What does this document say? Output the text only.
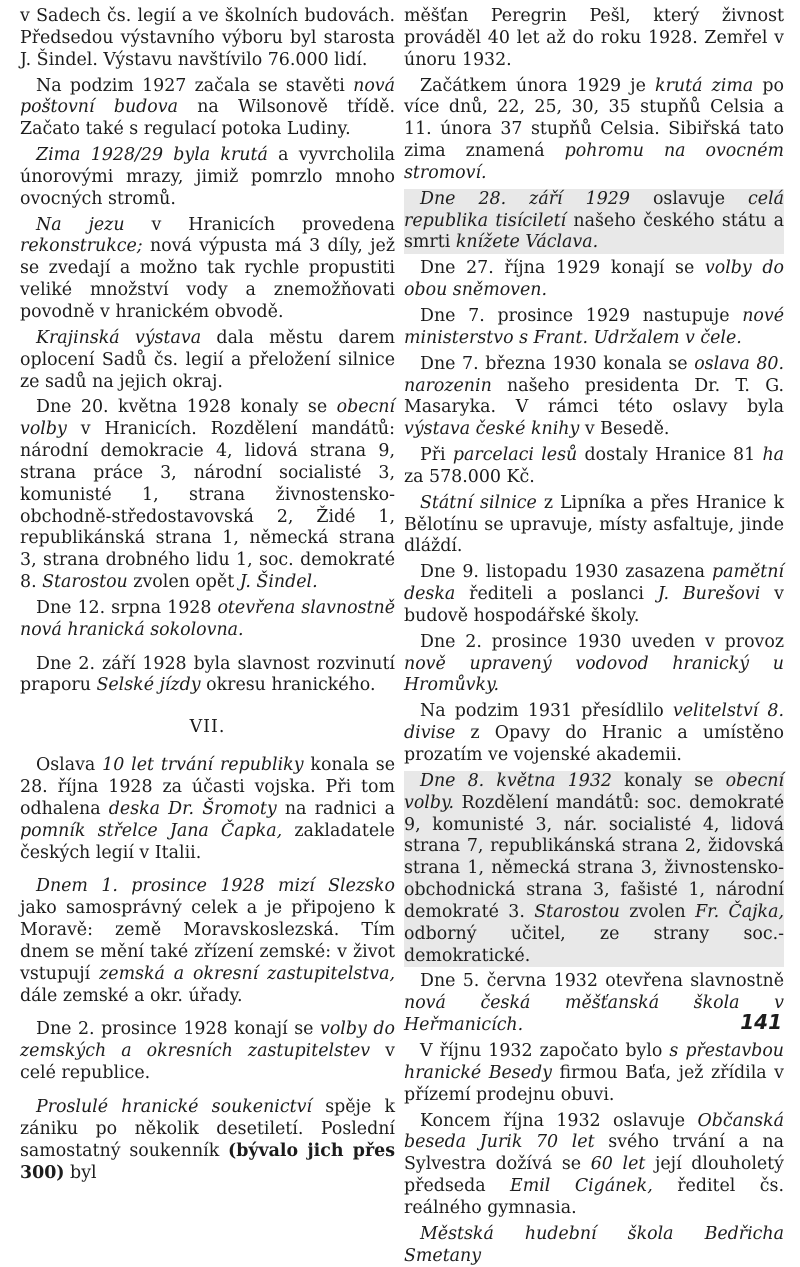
v Sadech čs. legií a ve školních budovách. Předsedou výstavního výboru byl starosta J. Šindel. Výstavu navštívilo 76.000 lidí.

Na podzim 1927 začala se stavěti nová poštovní budova na Wilsonově třídě. Začato také s regulací potoka Ludiny.

Zima 1928/29 byla krutá a vyvrcholila únorovými mrazy, jimiž pomrzlo mnoho ovocných stromů.

Na jezu v Hranicích provedena rekonstrukce; nová výpusta má 3 díly, jež se zvedají a možno tak rychle propustiti veliké množství vody a znemožňovati povodně v hranickém obvodě.

Krajinská výstava dala městu darem oplocení Sadů čs. legií a přeložení silnice ze sadů na jejich okraj.

Dne 20. května 1928 konaly se obecní volby v Hranicích. Rozdělení mandátů: národní demokracie 4, lidová strana 9, strana práce 3, národní socialisté 3, komunisté 1, strana živnostensko-obchodně-středostavovská 2, Židé 1, republikánská strana 1, německá strana 3, strana drobného lidu 1, soc. demokraté 8. Starostou zvolen opět J. Šindel.

Dne 12. srpna 1928 otevřena slavnostně nová hranická sokolovna.

Dne 2. září 1928 byla slavnost rozvinutí praporu Selské jízdy okresu hranického.

VII.

Oslava 10 let trvání republiky konala se 28. října 1928 za účasti vojska. Při tom odhalena deska Dr. Šromoty na radnici a pomník střelce Jana Čapka, zakladatele českých legií v Italii.

Dnem 1. prosince 1928 mizí Slezsko jako samosprávný celek a je připojeno k Moravě: země Moravskoslezská. Tím dnem se mění také zřízení zemské: v život vstupují zemská a okresní zastupitelstva, dále zemské a okr. úřady.

Dne 2. prosince 1928 konají se volby do zemských a okresních zastupitelstev v celé republice.

Proslulé hranické soukenictví spěje k zániku po několik desetiletí. Poslední samostatný soukenník (bývalo jich přes 300) byl

měšťan Peregrin Pešl, který živnost prováděl 40 let až do roku 1928. Zemřel v únoru 1932.

Začátkem února 1929 je krutá zima po více dnů, 22, 25, 30, 35 stupňů Celsia a 11. února 37 stupňů Celsia. Sibiřská tato zima znamená pohromu na ovocném stromoví.

Dne 28. září 1929 oslavuje celá republika tisíciletí našeho českého státu a smrti knížete Václava.

Dne 27. října 1929 konají se volby do obou sněmoven.

Dne 7. prosince 1929 nastupuje nové ministerstvo s Frant. Udržalem v čele.

Dne 7. března 1930 konala se oslava 80. narozenin našeho presidenta Dr. T. G. Masaryka. V rámci této oslavy byla výstava české knihy v Besedě.

Při parcelaci lesů dostaly Hranice 81 ha za 578.000 Kč.

Státní silnice z Lipníka a přes Hranice k Bělotínu se upravuje, místy asfaltuje, jinde dláždí.

Dne 9. listopadu 1930 zasazena pamětní deska řediteli a poslanci J. Burešovi v budově hospodářské školy.

Dne 2. prosince 1930 uveden v provoz nově upravený vodovod hranický u Hromůvky.

Na podzim 1931 přesídlilo velitelství 8. divise z Opavy do Hranic a umístěno prozatím ve vojenské akademii.

Dne 8. května 1932 konaly se obecní volby. Rozdělení mandátů: soc. demokraté 9, komunisté 3, nár. socialisté 4, lidová strana 7, republikánská strana 2, židovská strana 1, německá strana 3, živnostensko-obchodnická strana 3, fašisté 1, národní demokraté 3. Starostou zvolen Fr. Čajka, odborný učitel, ze strany soc.-demokratické.

Dne 5. června 1932 otevřena slavnostně nová česká měšťanská škola v Heřmanicích.

V říjnu 1932 započato bylo s přestavbou hranické Besedy firmou Baťa, jež zřídila v přízemí prodejnu obuvi.

Koncem října 1932 oslavuje Občanská beseda Jurik 70 let svého trvání a na Sylvestra dožívá se 60 let její dlouholetý předseda Emil Cigánek, ředitel čs. reálného gymnasia.

Městská hudební škola Bedřicha Smetany

141
